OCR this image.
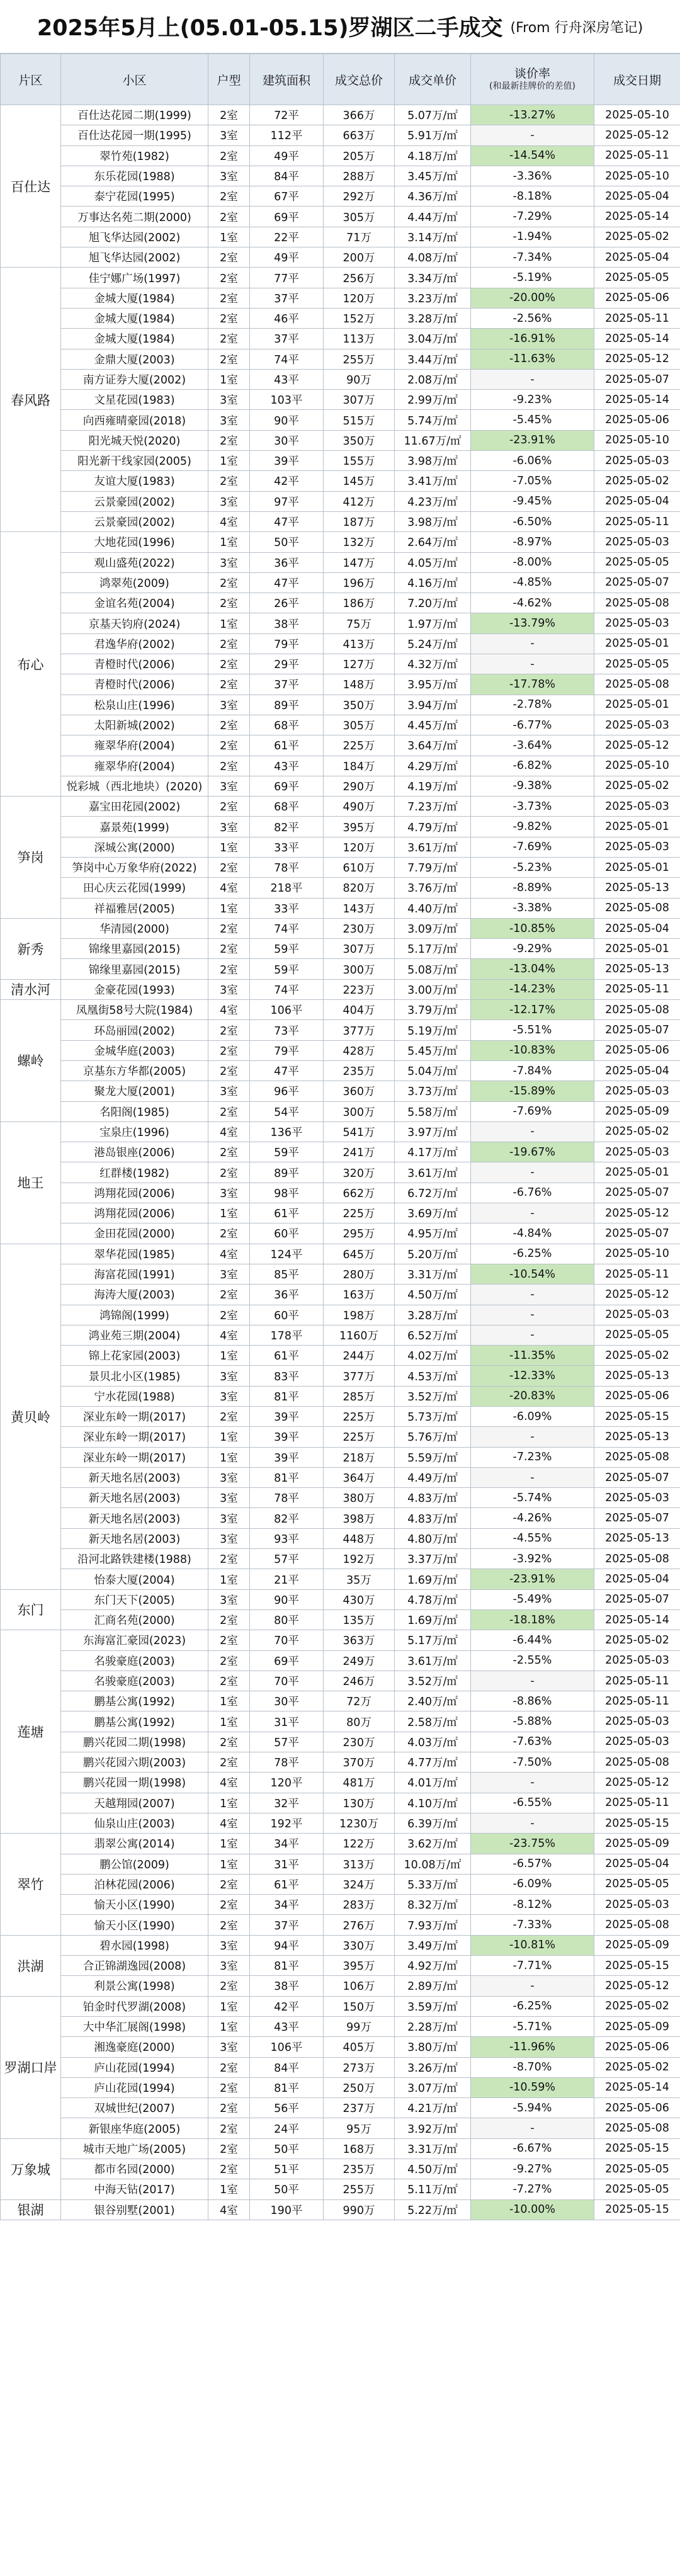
2025年5月上(05.01-05.15)罗湖区二手成交 (From 行舟深房笔记)
片区	小区	户型	建筑面积	成交总价	成交单价	谈价率
(和最新挂牌价的差值)	成交日期
百仕达	百仕达花园二期(1999)	2室	72平	366万	5.07万/㎡	-13.27%	2025-05-10
	百仕达花园一期(1995)	3室	112平	663万	5.91万/㎡	-	2025-05-12
	翠竹苑(1982)	2室	49平	205万	4.18万/㎡	-14.54%	2025-05-11
	东乐花园(1988)	3室	84平	288万	3.45万/㎡	-3.36%	2025-05-10
	泰宁花园(1995)	2室	67平	292万	4.36万/㎡	-8.18%	2025-05-04
	万事达名苑二期(2000)	2室	69平	305万	4.44万/㎡	-7.29%	2025-05-14
	旭飞华达园(2002)	1室	22平	71万	3.14万/㎡	-1.94%	2025-05-02
	旭飞华达园(2002)	2室	49平	200万	4.08万/㎡	-7.34%	2025-05-04
春风路	佳宁娜广场(1997)	2室	77平	256万	3.34万/㎡	-5.19%	2025-05-05
	金城大厦(1984)	2室	37平	120万	3.23万/㎡	-20.00%	2025-05-06
	金城大厦(1984)	2室	46平	152万	3.28万/㎡	-2.56%	2025-05-11
	金城大厦(1984)	2室	37平	113万	3.04万/㎡	-16.91%	2025-05-14
	金鼎大厦(2003)	2室	74平	255万	3.44万/㎡	-11.63%	2025-05-12
	南方证券大厦(2002)	1室	43平	90万	2.08万/㎡	-	2025-05-07
	文星花园(1983)	3室	103平	307万	2.99万/㎡	-9.23%	2025-05-14
	向西雍晴豪园(2018)	3室	90平	515万	5.74万/㎡	-5.45%	2025-05-06
	阳光城天悦(2020)	2室	30平	350万	11.67万/㎡	-23.91%	2025-05-10
	阳光新干线家园(2005)	1室	39平	155万	3.98万/㎡	-6.06%	2025-05-03
	友谊大厦(1983)	2室	42平	145万	3.41万/㎡	-7.05%	2025-05-02
	云景豪园(2002)	3室	97平	412万	4.23万/㎡	-9.45%	2025-05-04
	云景豪园(2002)	4室	47平	187万	3.98万/㎡	-6.50%	2025-05-11
布心	大地花园(1996)	1室	50平	132万	2.64万/㎡	-8.97%	2025-05-03
	观山盛苑(2022)	3室	36平	147万	4.05万/㎡	-8.00%	2025-05-05
	鸿翠苑(2009)	2室	47平	196万	4.16万/㎡	-4.85%	2025-05-07
	金谊名苑(2004)	2室	26平	186万	7.20万/㎡	-4.62%	2025-05-08
	京基天钧府(2024)	1室	38平	75万	1.97万/㎡	-13.79%	2025-05-03
	君逸华府(2002)	2室	79平	413万	5.24万/㎡	-	2025-05-01
	青橙时代(2006)	2室	29平	127万	4.32万/㎡	-	2025-05-05
	青橙时代(2006)	2室	37平	148万	3.95万/㎡	-17.78%	2025-05-08
	松泉山庄(1996)	3室	89平	350万	3.94万/㎡	-2.78%	2025-05-01
	太阳新城(2002)	2室	68平	305万	4.45万/㎡	-6.77%	2025-05-03
	雍翠华府(2004)	2室	61平	225万	3.64万/㎡	-3.64%	2025-05-12
	雍翠华府(2004)	2室	43平	184万	4.29万/㎡	-6.82%	2025-05-10
	悦彩城（西北地块）(2020)	3室	69平	290万	4.19万/㎡	-9.38%	2025-05-02
笋岗	嘉宝田花园(2002)	2室	68平	490万	7.23万/㎡	-3.73%	2025-05-03
	嘉景苑(1999)	3室	82平	395万	4.79万/㎡	-9.82%	2025-05-01
	深城公寓(2000)	1室	33平	120万	3.61万/㎡	-7.69%	2025-05-03
	笋岗中心万象华府(2022)	2室	78平	610万	7.79万/㎡	-5.23%	2025-05-01
	田心庆云花园(1999)	4室	218平	820万	3.76万/㎡	-8.89%	2025-05-13
	祥福雅居(2005)	1室	33平	143万	4.40万/㎡	-3.38%	2025-05-08
新秀	华清园(2000)	2室	74平	230万	3.09万/㎡	-10.85%	2025-05-04
	锦缘里嘉园(2015)	2室	59平	307万	5.17万/㎡	-9.29%	2025-05-01
	锦缘里嘉园(2015)	2室	59平	300万	5.08万/㎡	-13.04%	2025-05-13
清水河	金豪花园(1993)	3室	74平	223万	3.00万/㎡	-14.23%	2025-05-11
螺岭	凤凰街58号大院(1984)	4室	106平	404万	3.79万/㎡	-12.17%	2025-05-08
	环岛丽园(2002)	2室	73平	377万	5.19万/㎡	-5.51%	2025-05-07
	金城华庭(2003)	2室	79平	428万	5.45万/㎡	-10.83%	2025-05-06
	京基东方华都(2005)	2室	47平	235万	5.04万/㎡	-7.84%	2025-05-04
	聚龙大厦(2001)	3室	96平	360万	3.73万/㎡	-15.89%	2025-05-03
	名阳阁(1985)	2室	54平	300万	5.58万/㎡	-7.69%	2025-05-09
地王	宝泉庄(1996)	4室	136平	541万	3.97万/㎡	-	2025-05-02
	港岛银座(2006)	2室	59平	241万	4.17万/㎡	-19.67%	2025-05-03
	红群楼(1982)	2室	89平	320万	3.61万/㎡	-	2025-05-01
	鸿翔花园(2006)	3室	98平	662万	6.72万/㎡	-6.76%	2025-05-07
	鸿翔花园(2006)	1室	61平	225万	3.69万/㎡	-	2025-05-12
	金田花园(2000)	2室	60平	295万	4.95万/㎡	-4.84%	2025-05-07
黄贝岭	翠华花园(1985)	4室	124平	645万	5.20万/㎡	-6.25%	2025-05-10
	海富花园(1991)	3室	85平	280万	3.31万/㎡	-10.54%	2025-05-11
	海涛大厦(2003)	2室	36平	163万	4.50万/㎡	-	2025-05-12
	鸿锦阁(1999)	2室	60平	198万	3.28万/㎡	-	2025-05-03
	鸿业苑三期(2004)	4室	178平	1160万	6.52万/㎡	-	2025-05-05
	锦上花家园(2003)	1室	61平	244万	4.02万/㎡	-11.35%	2025-05-02
	景贝北小区(1985)	3室	83平	377万	4.53万/㎡	-12.33%	2025-05-13
	宁水花园(1988)	3室	81平	285万	3.52万/㎡	-20.83%	2025-05-06
	深业东岭一期(2017)	2室	39平	225万	5.73万/㎡	-6.09%	2025-05-15
	深业东岭一期(2017)	1室	39平	225万	5.76万/㎡	-	2025-05-13
	深业东岭一期(2017)	1室	39平	218万	5.59万/㎡	-7.23%	2025-05-08
	新天地名居(2003)	3室	81平	364万	4.49万/㎡	-	2025-05-07
	新天地名居(2003)	3室	78平	380万	4.83万/㎡	-5.74%	2025-05-03
	新天地名居(2003)	3室	82平	398万	4.83万/㎡	-4.26%	2025-05-07
	新天地名居(2003)	3室	93平	448万	4.80万/㎡	-4.55%	2025-05-13
	沿河北路铁建楼(1988)	2室	57平	192万	3.37万/㎡	-3.92%	2025-05-08
	怡泰大厦(2004)	1室	21平	35万	1.69万/㎡	-23.91%	2025-05-04
东门	东门天下(2005)	3室	90平	430万	4.78万/㎡	-5.49%	2025-05-07
	汇商名苑(2000)	2室	80平	135万	1.69万/㎡	-18.18%	2025-05-14
莲塘	东海富汇豪园(2023)	2室	70平	363万	5.17万/㎡	-6.44%	2025-05-02
	名骏豪庭(2003)	2室	69平	249万	3.61万/㎡	-2.55%	2025-05-03
	名骏豪庭(2003)	2室	70平	246万	3.52万/㎡	-	2025-05-11
	鹏基公寓(1992)	1室	30平	72万	2.40万/㎡	-8.86%	2025-05-11
	鹏基公寓(1992)	1室	31平	80万	2.58万/㎡	-5.88%	2025-05-03
	鹏兴花园二期(1998)	2室	57平	230万	4.03万/㎡	-7.63%	2025-05-03
	鹏兴花园六期(2003)	2室	78平	370万	4.77万/㎡	-7.50%	2025-05-08
	鹏兴花园一期(1998)	4室	120平	481万	4.01万/㎡	-	2025-05-12
	天越翔园(2007)	1室	32平	130万	4.10万/㎡	-6.55%	2025-05-11
	仙泉山庄(2003)	4室	192平	1230万	6.39万/㎡	-	2025-05-15
翠竹	翡翠公寓(2014)	1室	34平	122万	3.62万/㎡	-23.75%	2025-05-09
	鹏公馆(2009)	1室	31平	313万	10.08万/㎡	-6.57%	2025-05-04
	泊林花园(2006)	2室	61平	324万	5.33万/㎡	-6.09%	2025-05-05
	愉天小区(1990)	2室	34平	283万	8.32万/㎡	-8.12%	2025-05-03
	愉天小区(1990)	2室	37平	276万	7.93万/㎡	-7.33%	2025-05-08
洪湖	碧水园(1998)	3室	94平	330万	3.49万/㎡	-10.81%	2025-05-09
	合正锦湖逸园(2008)	3室	81平	395万	4.92万/㎡	-7.71%	2025-05-15
	利景公寓(1998)	2室	38平	106万	2.89万/㎡	-	2025-05-12
罗湖口岸	铂金时代罗湖(2008)	1室	42平	150万	3.59万/㎡	-6.25%	2025-05-02
	大中华汇展阁(1998)	1室	43平	99万	2.28万/㎡	-5.71%	2025-05-09
	湘逸豪庭(2000)	3室	106平	405万	3.80万/㎡	-11.96%	2025-05-06
	庐山花园(1994)	2室	84平	273万	3.26万/㎡	-8.70%	2025-05-02
	庐山花园(1994)	2室	81平	250万	3.07万/㎡	-10.59%	2025-05-14
	双城世纪(2007)	2室	56平	237万	4.21万/㎡	-5.94%	2025-05-06
	新银座华庭(2005)	2室	24平	95万	3.92万/㎡	-	2025-05-08
万象城	城市天地广场(2005)	2室	50平	168万	3.31万/㎡	-6.67%	2025-05-15
	都市名园(2000)	2室	51平	235万	4.50万/㎡	-9.27%	2025-05-05
	中海天钻(2017)	1室	50平	255万	5.11万/㎡	-7.27%	2025-05-05
银湖	银谷别墅(2001)	4室	190平	990万	5.22万/㎡	-10.00%	2025-05-15
